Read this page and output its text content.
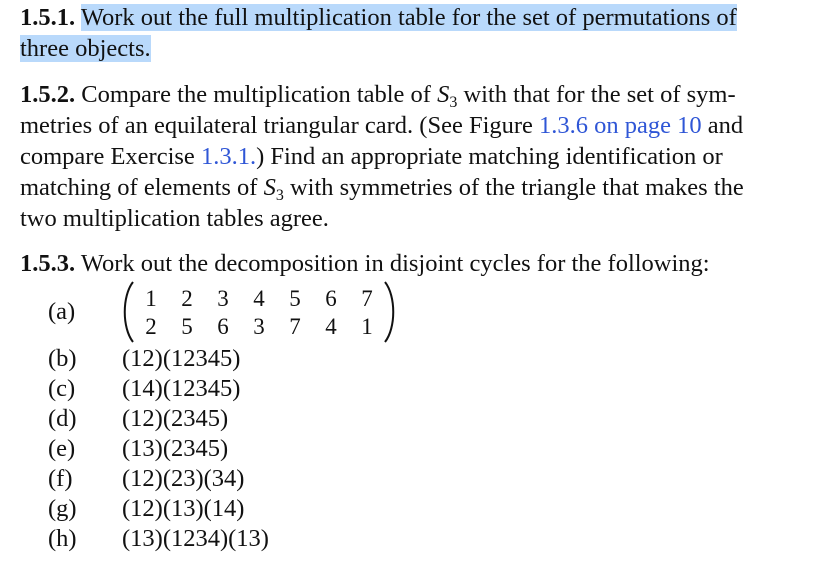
1.5.1. Work out the full multiplication table for the set of permutations of
three objects.
1.5.2. Compare the multiplication table of $S_3$ with that for the set of sym-
metries of an equilateral triangular card. (See Figure 1.3.6 on page 10 and
compare Exercise 1.3.1.) Find an appropriate matching identification or
matching of elements of $S_3$ with symmetries of the triangle that makes the
two multiplication tables agree.
1.5.3. Work out the decomposition in disjoint cycles for the following:
(a)	1 2 3 4 5 6 7
2 5 6 3 7 4 1
(b) (12)(12345)
(c) (14)(12345)
(d) (12)(2345)
(e) (13)(2345)
(f) (12)(23)(34)
(g) (12)(13)(14)
(h) (13)(1234)(13)
